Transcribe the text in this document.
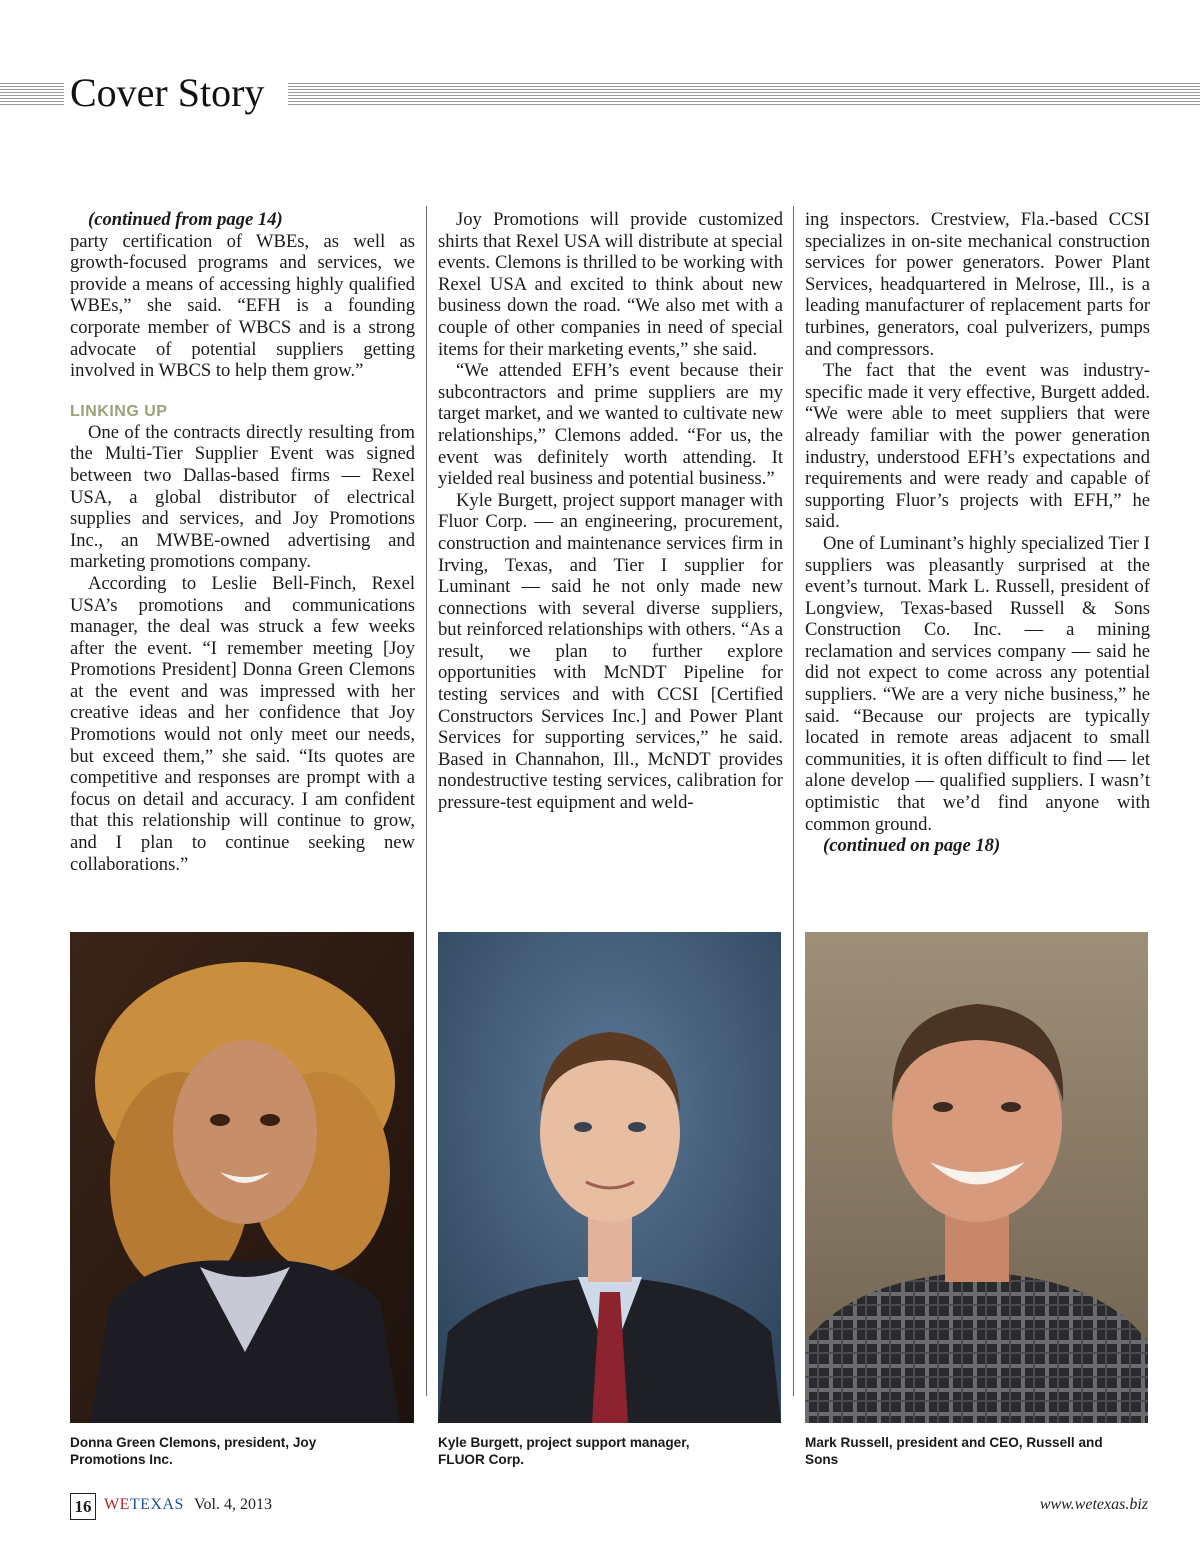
Cover Story

(continued from page 14)

party certification of WBEs, as well as growth-focused programs and services, we provide a means of accessing highly qualified WBEs,” she said. “EFH is a founding corporate member of WBCS and is a strong advocate of potential suppliers getting involved in WBCS to help them grow.”

LINKING UP

One of the contracts directly resulting from the Multi-Tier Supplier Event was signed between two Dallas-based firms — Rexel USA, a global distributor of electrical supplies and services, and Joy Promotions Inc., an MWBE-owned advertising and marketing promotions company.

According to Leslie Bell-Finch, Rexel USA’s promotions and communications manager, the deal was struck a few weeks after the event. “I remember meeting [Joy Promotions President] Donna Green Clemons at the event and was impressed with her creative ideas and her confidence that Joy Promotions would not only meet our needs, but exceed them,” she said. “Its quotes are competitive and responses are prompt with a focus on detail and accuracy. I am confident that this relationship will continue to grow, and I plan to continue seeking new collaborations.”

Joy Promotions will provide customized shirts that Rexel USA will distribute at special events. Clemons is thrilled to be working with Rexel USA and excited to think about new business down the road. “We also met with a couple of other companies in need of special items for their marketing events,” she said.

“We attended EFH’s event because their subcontractors and prime suppliers are my target market, and we wanted to cultivate new relationships,” Clemons added. “For us, the event was definitely worth attending. It yielded real business and potential business.”

Kyle Burgett, project support manager with Fluor Corp. — an engineering, procurement, construction and maintenance services firm in Irving, Texas, and Tier I supplier for Luminant — said he not only made new connections with several diverse suppliers, but reinforced relationships with others. “As a result, we plan to further explore opportunities with McNDT Pipeline for testing services and with CCSI [Certified Constructors Services Inc.] and Power Plant Services for supporting services,” he said. Based in Channahon, Ill., McNDT provides nondestructive testing services, calibration for pressure-test equipment and weld-

ing inspectors. Crestview, Fla.-based CCSI specializes in on-site mechanical construction services for power generators. Power Plant Services, headquartered in Melrose, Ill., is a leading manufacturer of replacement parts for turbines, generators, coal pulverizers, pumps and compressors.

The fact that the event was industry-specific made it very effective, Burgett added. “We were able to meet suppliers that were already familiar with the power generation industry, understood EFH’s expectations and requirements and were ready and capable of supporting Fluor’s projects with EFH,” he said.

One of Luminant’s highly specialized Tier I suppliers was pleasantly surprised at the event’s turnout. Mark L. Russell, president of Longview, Texas-based Russell & Sons Construction Co. Inc. — a mining reclamation and services company — said he did not expect to come across any potential suppliers. “We are a very niche business,” he said. “Because our projects are typically located in remote areas adjacent to small communities, it is often difficult to find — let alone develop — qualified suppliers. I wasn’t optimistic that we’d find anyone with common ground.

(continued on page 18)

Donna Green Clemons, president, Joy Promotions Inc.
Kyle Burgett, project support manager, FLUOR Corp.
Mark Russell, president and CEO, Russell and Sons
16 WETEXAS Vol. 4, 2013	www.wetexas.biz
